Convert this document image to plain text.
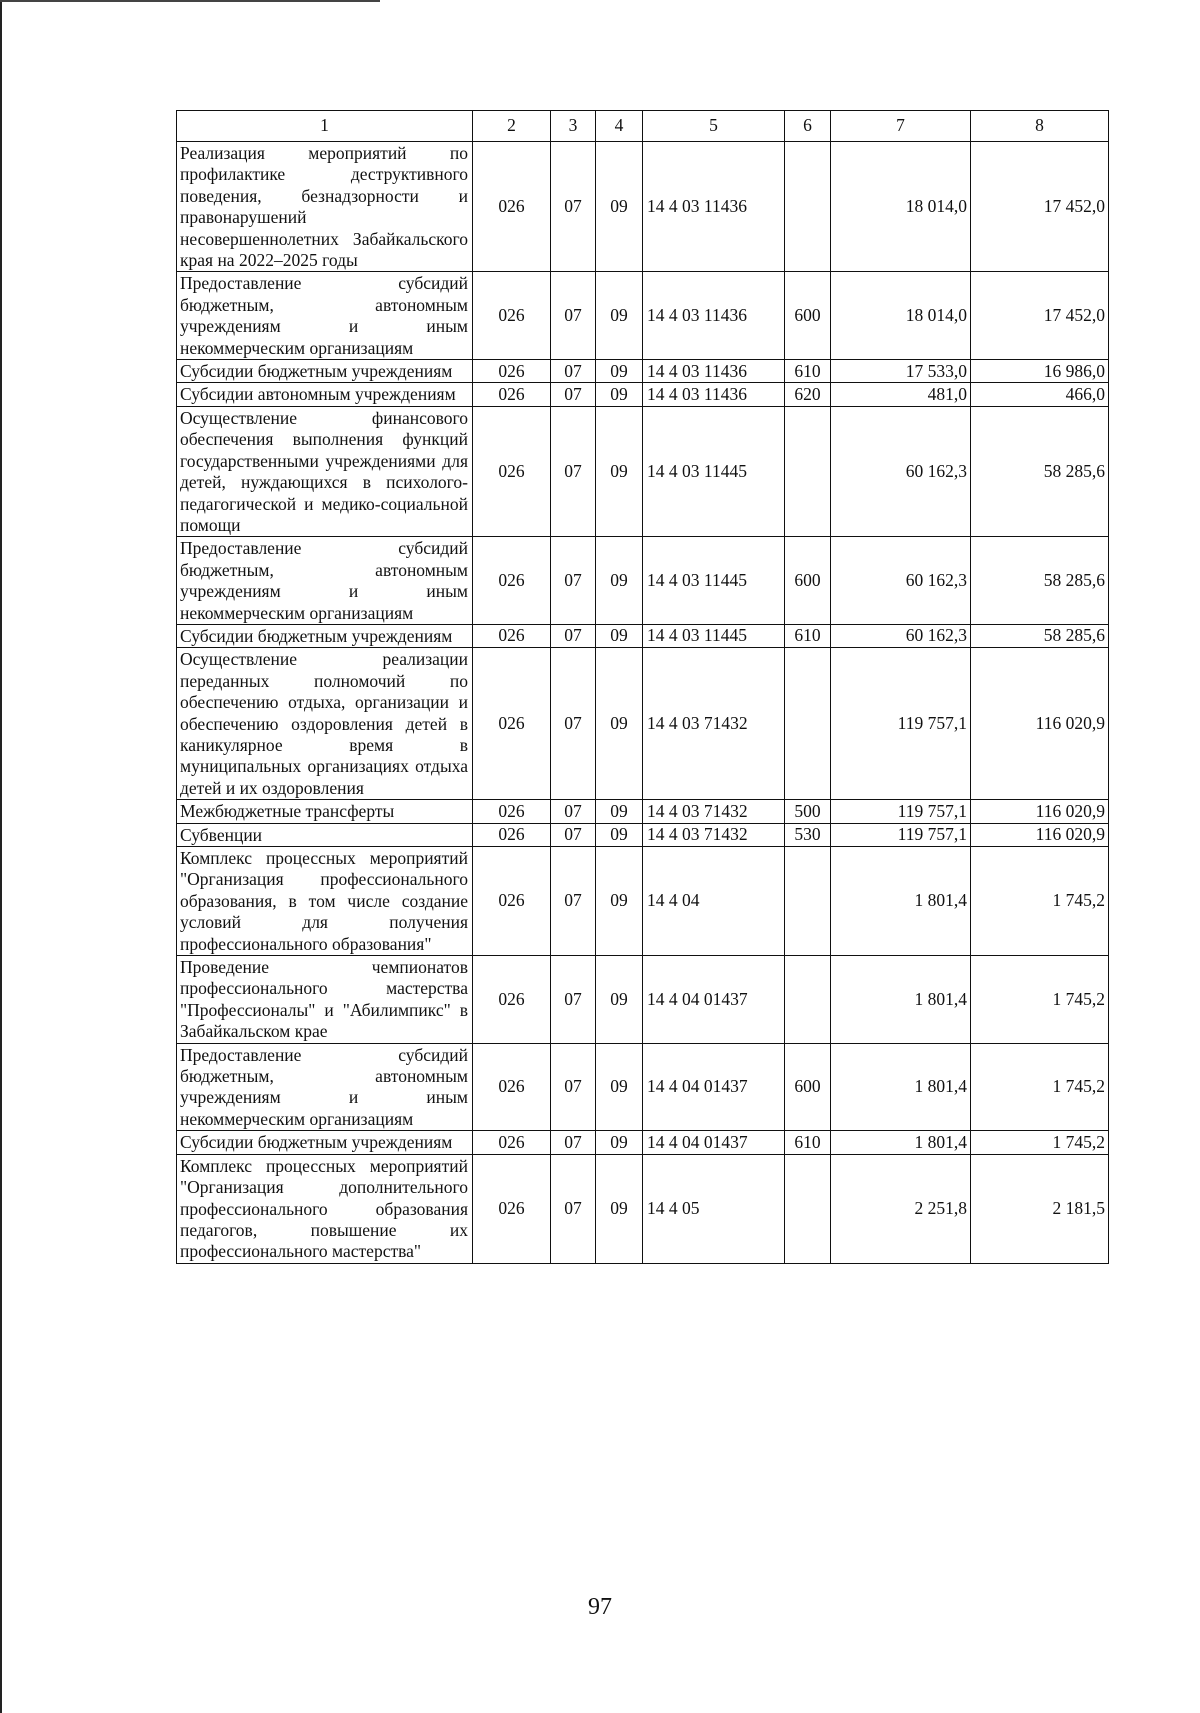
1	2	3	4	5	6	7	8
Реализация мероприятий по профилактике деструктивного поведения, безнадзорности и правонарушений несовершеннолетних Забайкальского края на 2022–2025 годы	026	07	09	14 4 03 11436		18 014,0	17 452,0
Предоставление субсидий бюджетным, автономным учреждениям и иным некоммерческим организациям	026	07	09	14 4 03 11436	600	18 014,0	17 452,0
Субсидии бюджетным учреждениям	026	07	09	14 4 03 11436	610	17 533,0	16 986,0
Субсидии автономным учреждениям	026	07	09	14 4 03 11436	620	481,0	466,0
Осуществление финансового обеспечения выполнения функций государственными учреждениями для детей, нуждающихся в психолого-педагогической и медико-социальной помощи	026	07	09	14 4 03 11445		60 162,3	58 285,6
Предоставление субсидий бюджетным, автономным учреждениям и иным некоммерческим организациям	026	07	09	14 4 03 11445	600	60 162,3	58 285,6
Субсидии бюджетным учреждениям	026	07	09	14 4 03 11445	610	60 162,3	58 285,6
Осуществление реализации переданных полномочий по обеспечению отдыха, организации и обеспечению оздоровления детей в каникулярное время в муниципальных организациях отдыха детей и их оздоровления	026	07	09	14 4 03 71432		119 757,1	116 020,9
Межбюджетные трансферты	026	07	09	14 4 03 71432	500	119 757,1	116 020,9
Субвенции	026	07	09	14 4 03 71432	530	119 757,1	116 020,9
Комплекс процессных мероприятий "Организация профессионального образования, в том числе создание условий для получения профессионального образования"	026	07	09	14 4 04		1 801,4	1 745,2
Проведение чемпионатов профессионального мастерства "Профессионалы" и "Абилимпикс" в Забайкальском крае	026	07	09	14 4 04 01437		1 801,4	1 745,2
Предоставление субсидий бюджетным, автономным учреждениям и иным некоммерческим организациям	026	07	09	14 4 04 01437	600	1 801,4	1 745,2
Субсидии бюджетным учреждениям	026	07	09	14 4 04 01437	610	1 801,4	1 745,2
Комплекс процессных мероприятий "Организация дополнительного профессионального образования педагогов, повышение их профессионального мастерства"	026	07	09	14 4 05		2 251,8	2 181,5
97
